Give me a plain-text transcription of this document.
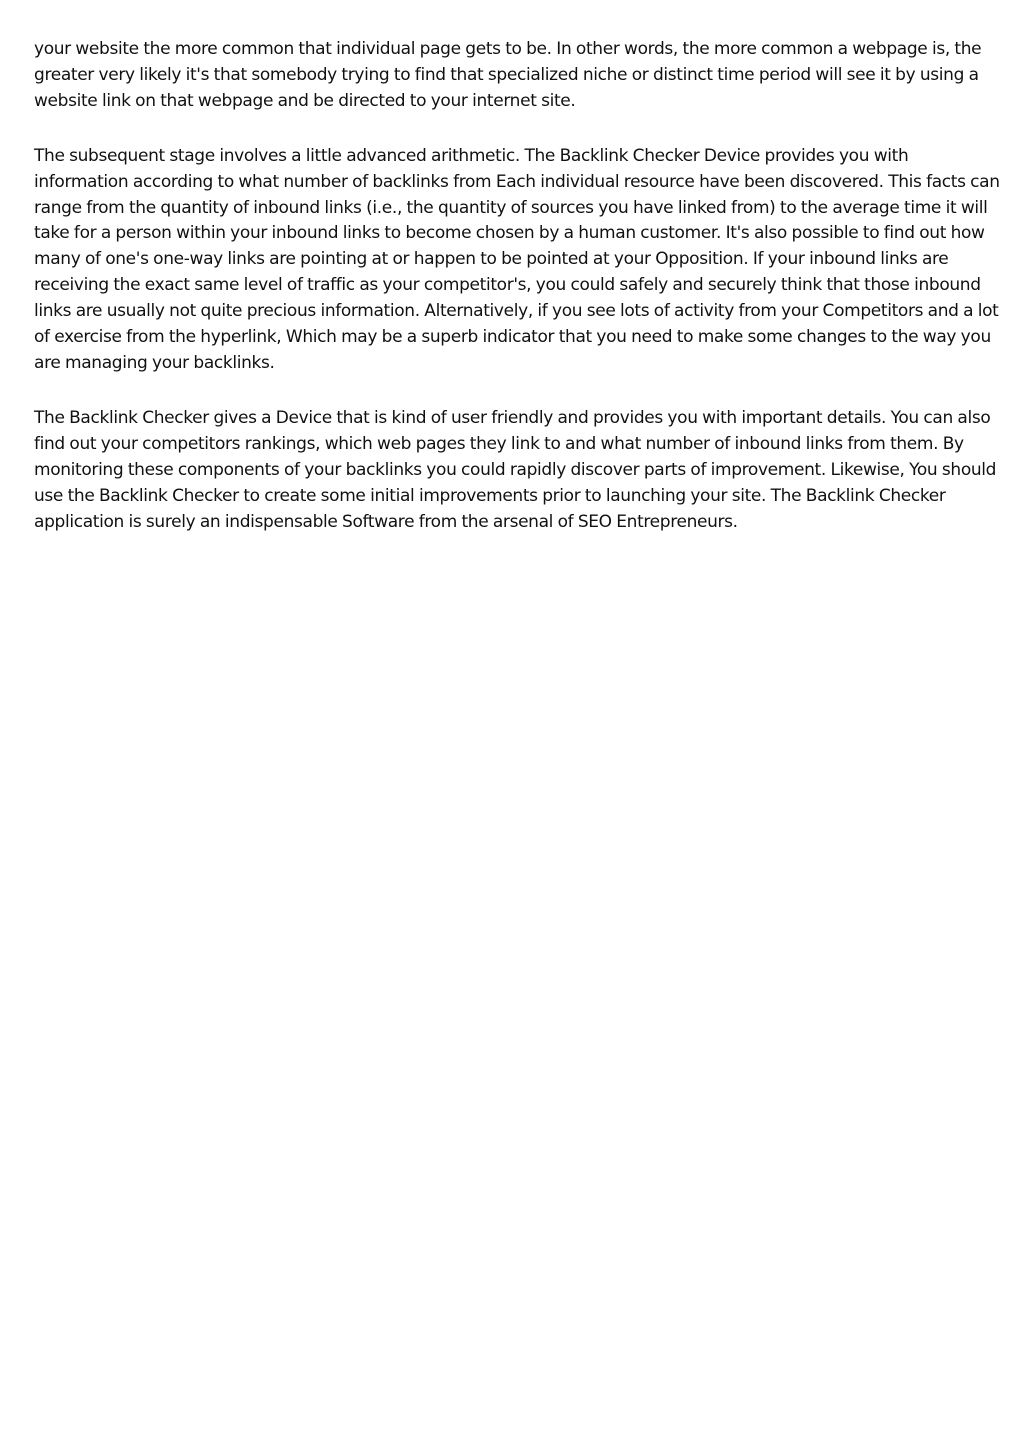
your website the more common that individual page gets to be. In other words, the more common a webpage is, the greater very likely it's that somebody trying to find that specialized niche or distinct time period will see it by using a website link on that webpage and be directed to your internet site.

The subsequent stage involves a little advanced arithmetic. The Backlink Checker Device provides you with information according to what number of backlinks from Each individual resource have been discovered. This facts can range from the quantity of inbound links (i.e., the quantity of sources you have linked from) to the average time it will take for a person within your inbound links to become chosen by a human customer. It's also possible to find out how many of one's one-way links are pointing at or happen to be pointed at your Opposition. If your inbound links are receiving the exact same level of traffic as your competitor's, you could safely and securely think that those inbound links are usually not quite precious information. Alternatively, if you see lots of activity from your Competitors and a lot of exercise from the hyperlink, Which may be a superb indicator that you need to make some changes to the way you are managing your backlinks.

The Backlink Checker gives a Device that is kind of user friendly and provides you with important details. You can also find out your competitors rankings, which web pages they link to and what number of inbound links from them. By monitoring these components of your backlinks you could rapidly discover parts of improvement. Likewise, You should use the Backlink Checker to create some initial improvements prior to launching your site. The Backlink Checker application is surely an indispensable Software from the arsenal of SEO Entrepreneurs.
